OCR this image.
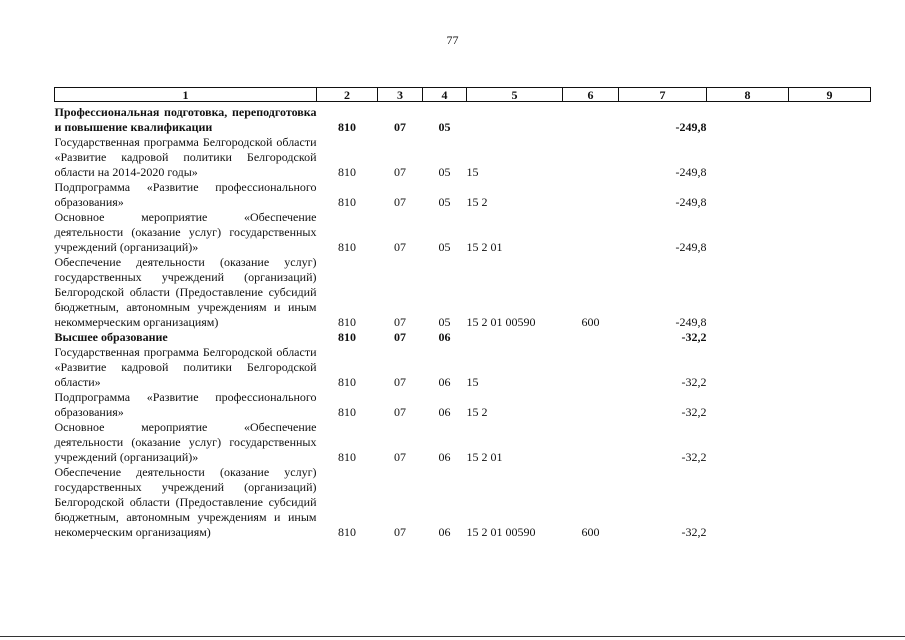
77
1	2	3	4	5	6	7	8	9

Профессиональная подготовка, переподготовка и повышение квалификации	810	07	05			-249,8		
Государственная программа Белгородской области «Развитие кадровой политики Белгородской области на 2014-2020 годы»	810	07	05	15		-249,8		
Подпрограмма «Развитие профессионального образования»	810	07	05	15 2		-249,8		
Основное мероприятие «Обеспечение деятельности (оказание услуг) государственных учреждений (организаций)»	810	07	05	15 2 01		-249,8		
Обеспечение деятельности (оказание услуг) государственных учреждений (организаций) Белгородской области (Предоставление субсидий бюджетным, автономным учреждениям и иным некоммерческим организациям)	810	07	05	15 2 01 00590	600	-249,8		
Высшее образование	810	07	06			-32,2		
Государственная программа Белгородской области «Развитие кадровой политики Белгородской области»	810	07	06	15		-32,2		
Подпрограмма «Развитие профессионального образования»	810	07	06	15 2		-32,2		
Основное мероприятие «Обеспечение деятельности (оказание услуг) государственных учреждений (организаций)»	810	07	06	15 2 01		-32,2		
Обеспечение деятельности (оказание услуг) государственных учреждений (организаций) Белгородской области (Предоставление субсидий бюджетным, автономным учреждениям и иным некомерческим организациям)	810	07	06	15 2 01 00590	600	-32,2		
